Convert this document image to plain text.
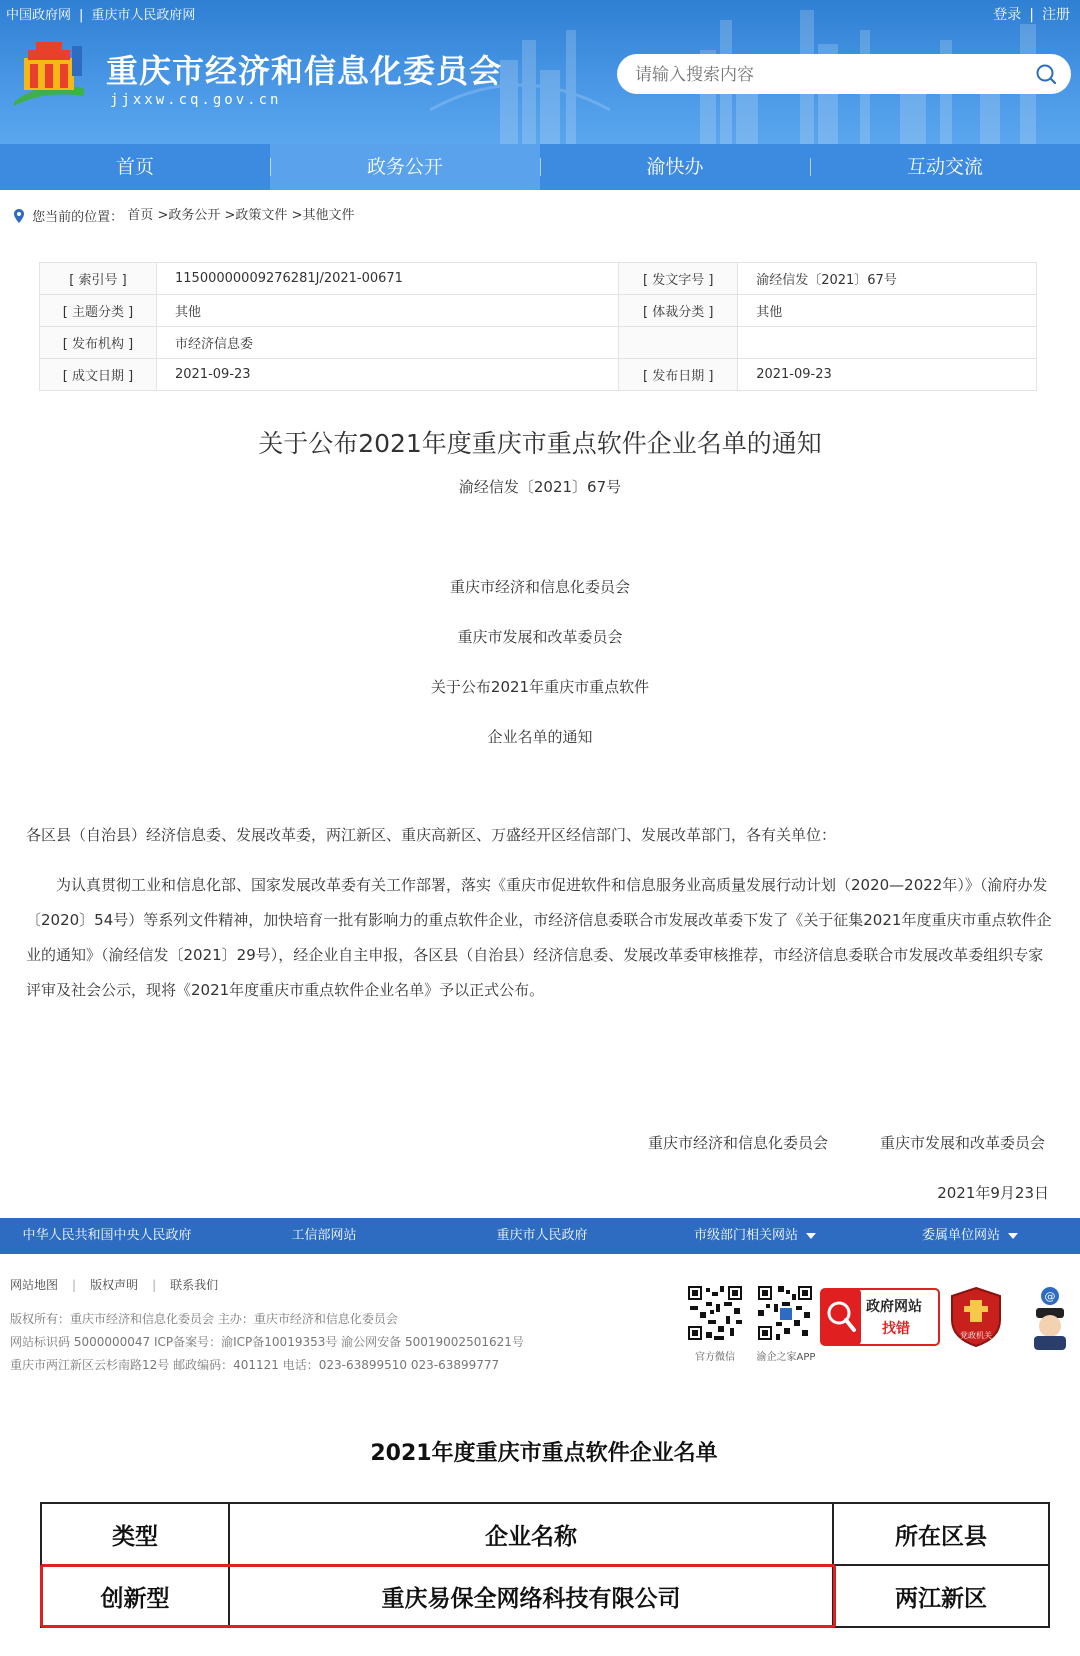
中国政府网 | 重庆市人民政府网	登录 | 注册
重庆市经济和信息化委员会
jjxxw.cq.gov.cn
请输入搜索内容
首页	政务公开	渝快办	互动交流
您当前的位置： 首页 >政务公开 >政策文件 >其他文件
[ 索引号 ]	11500000009276281J/2021-00671	[ 发文字号 ]	渝经信发〔2021〕67号
[ 主题分类 ]	其他	[ 体裁分类 ]	其他
[ 发布机构 ]	市经济信息委		
[ 成文日期 ]	2021-09-23	[ 发布日期 ]	2021-09-23
关于公布2021年度重庆市重点软件企业名单的通知
渝经信发〔2021〕67号
重庆市经济和信息化委员会
重庆市发展和改革委员会
关于公布2021年重庆市重点软件
企业名单的通知
各区县（自治县）经济信息委、发展改革委，两江新区、重庆高新区、万盛经开区经信部门、发展改革部门，各有关单位：
为认真贯彻工业和信息化部、国家发展改革委有关工作部署，落实《重庆市促进软件和信息服务业高质量发展行动计划（2020—2022年）》（渝府办发〔2020〕54号）等系列文件精神，加快培育一批有影响力的重点软件企业，市经济信息委联合市发展改革委下发了《关于征集2021年度重庆市重点软件企业的通知》（渝经信发〔2021〕29号），经企业自主申报，各区县（自治县）经济信息委、发展改革委审核推荐，市经济信息委联合市发展改革委组织专家评审及社会公示，现将《2021年度重庆市重点软件企业名单》予以正式公布。
重庆市经济和信息化委员会	重庆市发展和改革委员会
2021年9月23日
中华人民共和国中央人民政府	工信部网站	重庆市人民政府	市级部门相关网站	委属单位网站
网站地图 | 版权声明 | 联系我们
版权所有：重庆市经济和信息化委员会 主办：重庆市经济和信息化委员会
网站标识码 5000000047 ICP备案号：渝ICP备10019353号 渝公网安备 50019002501621号
重庆市两江新区云杉南路12号 邮政编码：401121 电话：023-63899510 023-63899777
官方微信	渝企之家APP
政府网站
找错	党政机关
@
2021年度重庆市重点软件企业名单
类型	企业名称	所在区县
创新型	重庆易保全网络科技有限公司	两江新区
